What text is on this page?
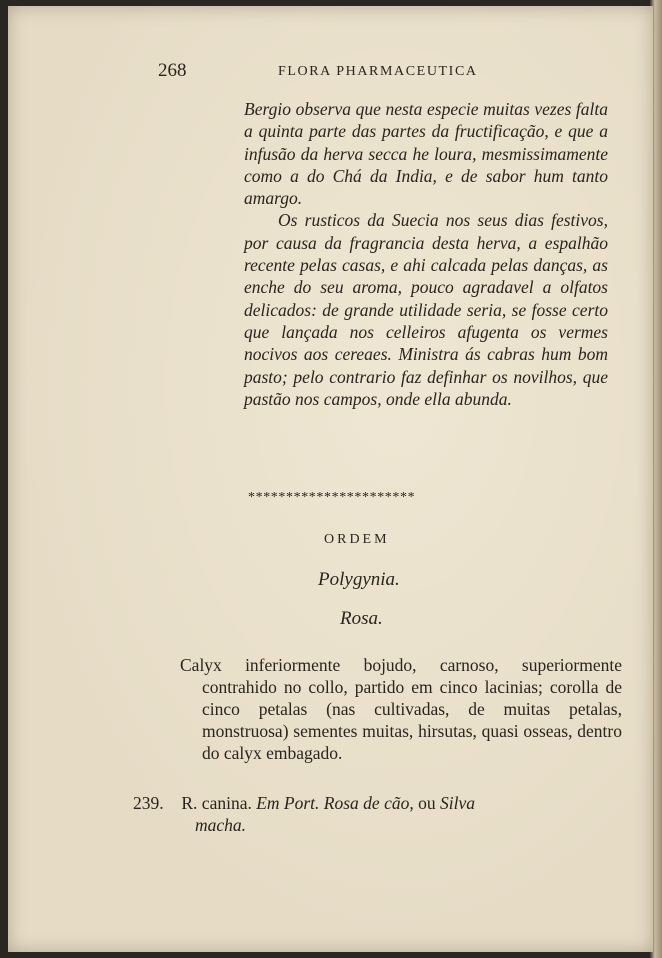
268	FLORA PHARMACEUTICA

Bergio observa que nesta especie muitas vezes falta a quinta parte das partes da fructificação, e que a infusão da herva secca he loura, mesmissimamente como a do Chá da India, e de sabor hum tanto amargo.

Os rusticos da Suecia nos seus dias festivos, por causa da fragrancia desta herva, a espalhão recente pelas casas, e ahi calcada pelas danças, as enche do seu aroma, pouco agradavel a olfatos delicados: de grande utilidade seria, se fosse certo que lançada nos celleiros afugenta os vermes nocivos aos cereaes. Ministra ás cabras hum bom pasto; pelo contrario faz definhar os novilhos, que pastão nos campos, onde ella abunda.

**********************
ORDEM
Polygynia.
Rosa.
Calyx inferiormente bojudo, carnoso, superiormente contrahido no collo, partido em cinco lacinias; corolla de cinco petalas (nas cultivadas, de muitas petalas, monstruosa) sementes muitas, hirsutas, quasi osseas, dentro do calyx embagado.
239. R. canina. Em Port. Rosa de cão, ou Silva
macha.
